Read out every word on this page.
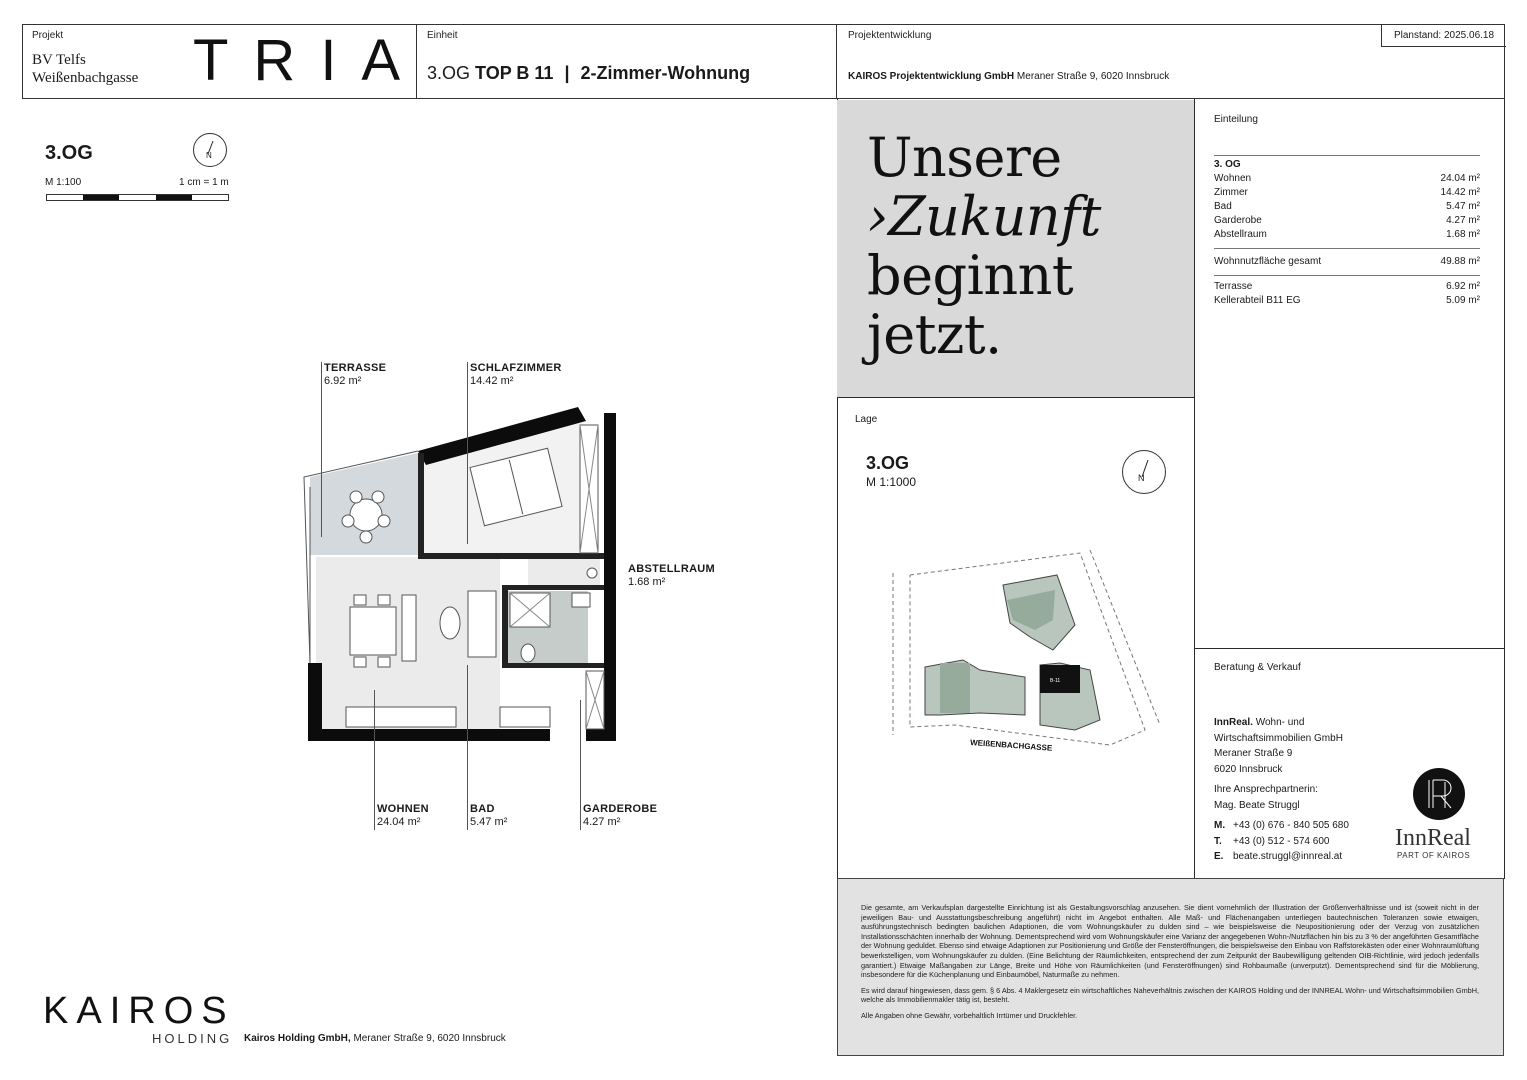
Projekt
BV Telfs
Weißenbachgasse TRIA Einheit
3.OG TOP B 11 | 2-Zimmer-Wohnung
Projektentwicklung
KAIROS Projektentwicklung GmbH Meraner Straße 9, 6020 Innsbruck
Planstand: 2025.06.18
3.OG
M 1:100	1 cm = 1 m
N
TERRASSE
6.92 m²
SCHLAFZIMMER
14.42 m²
ABSTELLRAUM
1.68 m²
WOHNEN
24.04 m²
BAD
5.47 m²
GARDEROBE
4.27 m²
Unsere
›Zukunft
beginnt
jetzt.
Lage
3.OG
M 1:1000	N
B-11
WEIßENBACHGASSE
Einteilung
3. OG
Wohnen	24.04 m²
Zimmer	14.42 m²
Bad	5.47 m²
Garderobe	4.27 m²
Abstellraum	1.68 m²
Wohnnutzfläche gesamt	49.88 m²
Terrasse	6.92 m²
Kellerabteil B11 EG	5.09 m²
Beratung & Verkauf
InnReal. Wohn- und
Wirtschaftsimmobilien GmbH
Meraner Straße 9
6020 Innsbruck
Ihre Ansprechpartnerin:
Mag. Beate Struggl
M. +43 (0) 676 - 840 505 680
T. +43 (0) 512 - 574 600
E. beate.struggl@innreal.at
InnReal
PART OF KAIROS

Die gesamte, am Verkaufsplan dargestellte Einrichtung ist als Gestaltungsvorschlag anzusehen. Sie dient vornehmlich der Illustration der Größenverhältnisse und ist (soweit nicht in der jeweiligen Bau- und Ausstattungsbeschreibung angeführt) nicht im Angebot enthalten. Alle Maß- und Flächenangaben unterliegen bautechnischen Toleranzen sowie etwaigen, ausführungstechnisch bedingten baulichen Adaptionen, die vom Wohnungskäufer zu dulden sind – wie beispielsweise die Neupositionierung oder der Verzug von zusätzlichen Installationsschächten innerhalb der Wohnung. Dementsprechend wird vom Wohnungskäufer eine Varianz der angegebenen Wohn-/Nutzflächen hin bis zu 3 % der angeführten Gesamtfläche der Wohnung geduldet. Ebenso sind etwaige Adaptionen zur Positionierung und Größe der Fensteröffnungen, die beispielsweise den Einbau von Raffstorekästen oder einer Wohnraumlüftung bewerkstelligen, vom Wohnungskäufer zu dulden. (Eine Belichtung der Räumlichkeiten, entsprechend der zum Zeitpunkt der Baubewilligung geltenden OIB-Richtlinie, wird jedoch jedenfalls garantiert.) Etwaige Maßangaben zur Länge, Breite und Höhe von Räumlichkeiten (und Fensteröffnungen) sind Rohbaumaße (unverputzt). Dementsprechend sind für die Möblierung, insbesondere für die Küchenplanung und Einbaumöbel, Naturmaße zu nehmen.

Es wird darauf hingewiesen, dass gem. § 6 Abs. 4 Maklergesetz ein wirtschaftliches Naheverhältnis zwischen der KAIROS Holding und der INNREAL Wohn- und Wirtschaftsimmobilien GmbH, welche als Immobilienmakler tätig ist, besteht.

Alle Angaben ohne Gewähr, vorbehaltlich Irrtümer und Druckfehler.

KAIROS
HOLDING Kairos Holding GmbH, Meraner Straße 9, 6020 Innsbruck
